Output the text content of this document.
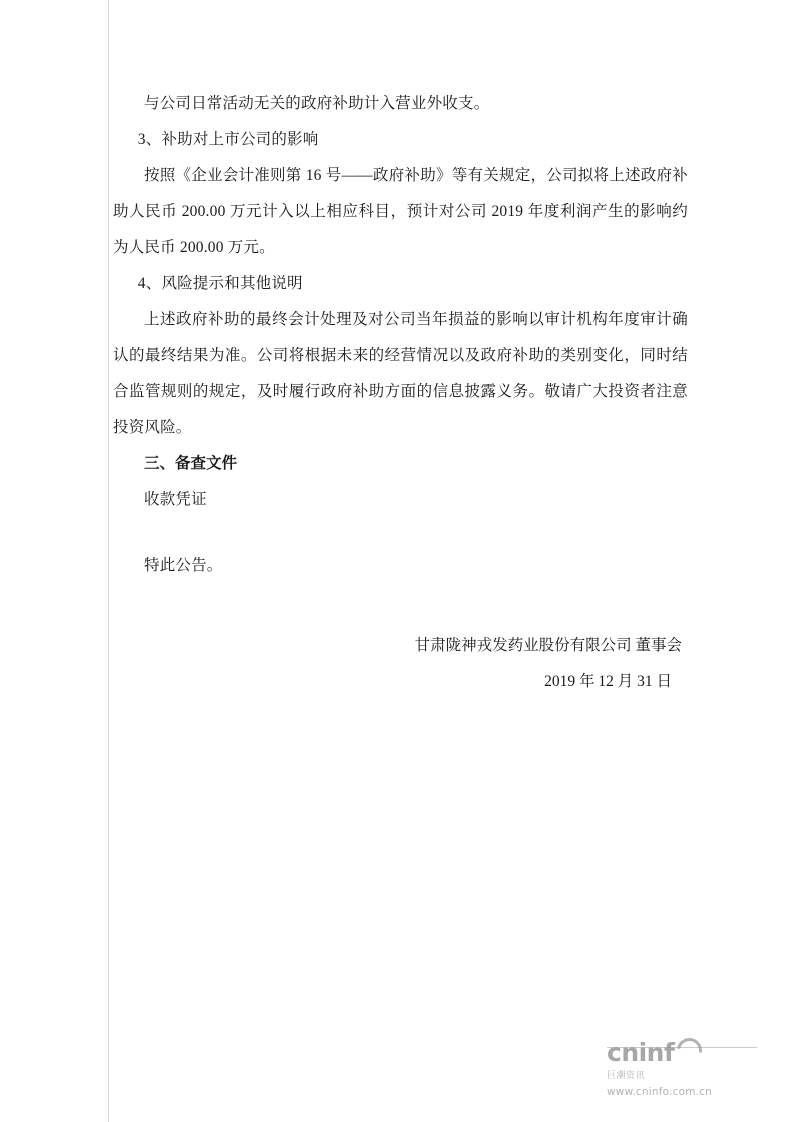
与公司日常活动无关的政府补助计入营业外收支。

3、补助对上市公司的影响

按照《企业会计准则第 16 号——政府补助》等有关规定，公司拟将上述政府补助人民币 200.00 万元计入以上相应科目，预计对公司 2019 年度利润产生的影响约为人民币 200.00 万元。

4、风险提示和其他说明

上述政府补助的最终会计处理及对公司当年损益的影响以审计机构年度审计确认的最终结果为准。公司将根据未来的经营情况以及政府补助的类别变化，同时结合监管规则的规定，及时履行政府补助方面的信息披露义务。敬请广大投资者注意投资风险。

三、备查文件

收款凭证

特此公告。

甘肃陇神戎发药业股份有限公司 董事会
2019 年 12 月 31 日
cninf
巨潮资讯
www.cninfo.com.cn
